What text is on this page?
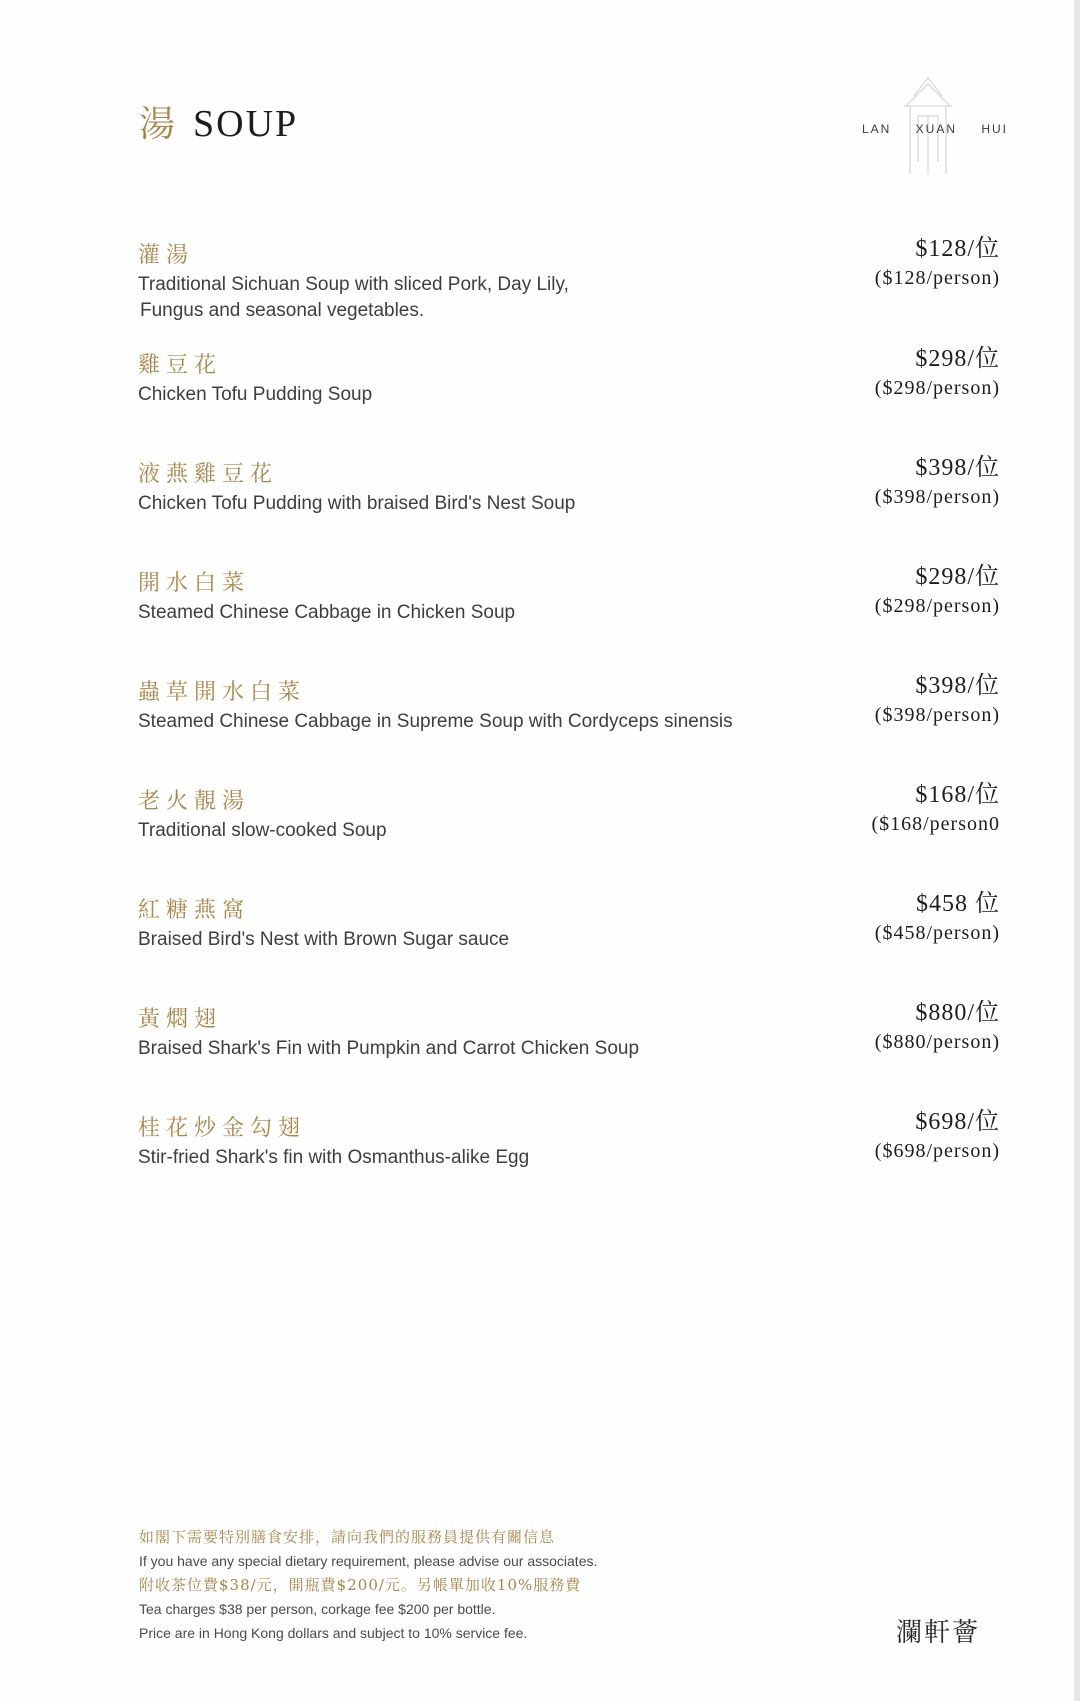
湯 SOUP	LAN XUAN HUI
灌湯
Traditional Sichuan Soup with sliced Pork, Day Lily,
Fungus and seasonal vegetables.
$128/位
($128/person)
雞豆花
Chicken Tofu Pudding Soup
$298/位
($298/person)
液燕雞豆花
Chicken Tofu Pudding with braised Bird's Nest Soup
$398/位
($398/person)
開水白菜
Steamed Chinese Cabbage in Chicken Soup
$298/位
($298/person)
蟲草開水白菜
Steamed Chinese Cabbage in Supreme Soup with Cordyceps sinensis
$398/位
($398/person)
老火靚湯
Traditional slow-cooked Soup
$168/位
($168/person0
紅糖燕窩
Braised Bird's Nest with Brown Sugar sauce
$458 位
($458/person)
黃燜翅
Braised Shark's Fin with Pumpkin and Carrot Chicken Soup
$880/位
($880/person)
桂花炒金勾翅
Stir-fried Shark's fin with Osmanthus-alike Egg
$698/位
($698/person)
如閣下需要特別膳食安排，請向我們的服務員提供有關信息
If you have any special dietary requirement, please advise our associates.
附收茶位費$38/元，開瓶費$200/元。另帳單加收10%服務費
Tea charges $38 per person, corkage fee $200 per bottle.
Price are in Hong Kong dollars and subject to 10% service fee.	瀾軒薈
